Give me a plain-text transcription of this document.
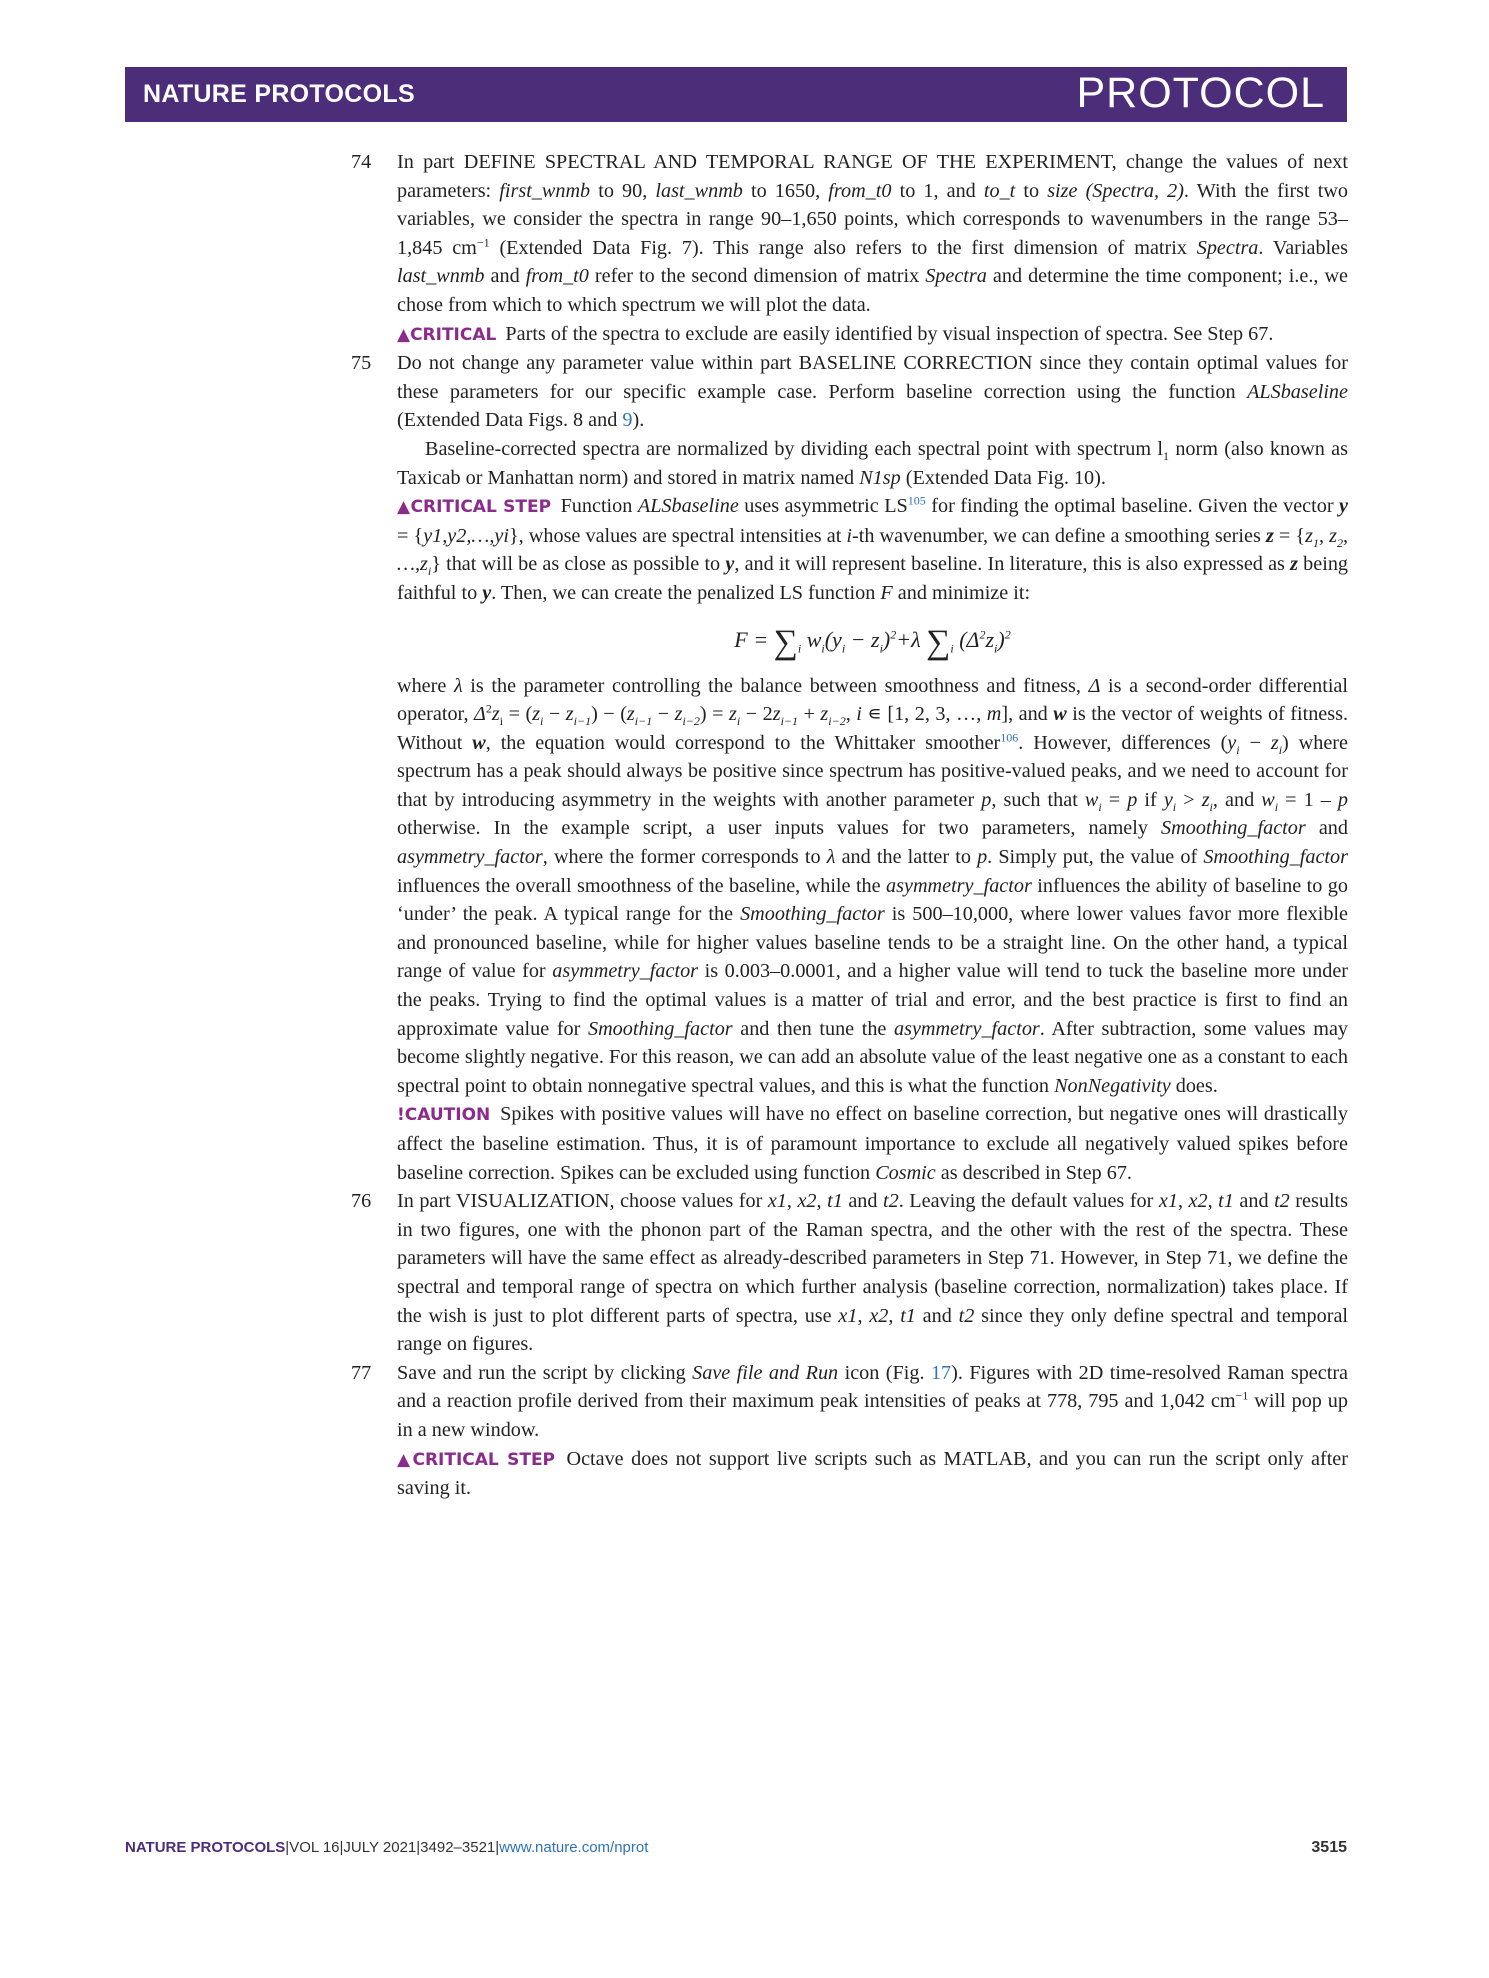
NATURE PROTOCOLS	PROTOCOL
74 In part DEFINE SPECTRAL AND TEMPORAL RANGE OF THE EXPERIMENT, change the values of next parameters: first_wnmb to 90, last_wnmb to 1650, from_t0 to 1, and to_t to size (Spectra, 2). With the first two variables, we consider the spectra in range 90–1,650 points, which corresponds to wavenumbers in the range 53–1,845 $cm^{-1}$ (Extended Data Fig. 7). This range also refers to the first dimension of matrix Spectra. Variables last_wnmb and from_t0 refer to the second dimension of matrix Spectra and determine the time component; i.e., we chose from which to which spectrum we will plot the data.

▲CRITICAL Parts of the spectra to exclude are easily identified by visual inspection of spectra. See Step 67.

75 Do not change any parameter value within part BASELINE CORRECTION since they contain optimal values for these parameters for our specific example case. Perform baseline correction using the function ALSbaseline (Extended Data Figs. 8 and 9).

Baseline-corrected spectra are normalized by dividing each spectral point with spectrum $l_1$ norm (also known as Taxicab or Manhattan norm) and stored in matrix named N1sp (Extended Data Fig. 10).

▲CRITICAL STEP Function ALSbaseline uses asymmetric LS$^{105}$ for finding the optimal baseline. Given the vector y = {y1,y2,…,yi}, whose values are spectral intensities at i-th wavenumber, we can define a smoothing series $z = \{z_1$, $z_2$, $\dots,z_i$} that will be as close as possible to y, and it will represent baseline. In literature, this is also expressed as z being faithful to y. Then, we can create the penalized LS function F and minimize it:

$F = \sum_i$ $w_i(y_i - z_i)^2+\lambda$ $\sum_i$ $(\Delta^2z_i)^2$

where λ is the parameter controlling the balance between smoothness and fitness, Δ is a second-order differential operator, $\Delta^2z_i = (z_i - z_{i-1}) - (z_{i-1} - z_{i-2}) = z_i - 2z_{i-1} + z_{i-2}$, i ∊ [1, 2, 3, …, m], and w is the vector of weights of fitness. Without w, the equation would correspond to the Whittaker smoother$^{106}$. However, differences $(y_i - z_i)$ where spectrum has a peak should always be positive since spectrum has positive-valued peaks, and we need to account for that by introducing asymmetry in the weights with another parameter p, such that $w_i = p$ if $y_i > z_i$, and $w_i = 1 - p$ otherwise. In the example script, a user inputs values for two parameters, namely Smoothing_factor and asymmetry_factor, where the former corresponds to λ and the latter to p. Simply put, the value of Smoothing_factor influences the overall smoothness of the baseline, while the asymmetry_factor influences the ability of baseline to go ‘under’ the peak. A typical range for the Smoothing_factor is 500–10,000, where lower values favor more flexible and pronounced baseline, while for higher values baseline tends to be a straight line. On the other hand, a typical range of value for asymmetry_factor is 0.003–0.0001, and a higher value will tend to tuck the baseline more under the peaks. Trying to find the optimal values is a matter of trial and error, and the best practice is first to find an approximate value for Smoothing_factor and then tune the asymmetry_factor. After subtraction, some values may become slightly negative. For this reason, we can add an absolute value of the least negative one as a constant to each spectral point to obtain nonnegative spectral values, and this is what the function NonNegativity does.

!CAUTION Spikes with positive values will have no effect on baseline correction, but negative ones will drastically affect the baseline estimation. Thus, it is of paramount importance to exclude all negatively valued spikes before baseline correction. Spikes can be excluded using function Cosmic as described in Step 67.

76 In part VISUALIZATION, choose values for x1, x2, t1 and t2. Leaving the default values for x1, x2, t1 and t2 results in two figures, one with the phonon part of the Raman spectra, and the other with the rest of the spectra. These parameters will have the same effect as already-described parameters in Step 71. However, in Step 71, we define the spectral and temporal range of spectra on which further analysis (baseline correction, normalization) takes place. If the wish is just to plot different parts of spectra, use x1, x2, t1 and t2 since they only define spectral and temporal range on figures.

77 Save and run the script by clicking Save file and Run icon (Fig. 17). Figures with 2D time-resolved Raman spectra and a reaction profile derived from their maximum peak intensities of peaks at 778, 795 and 1,042 $cm^{-1}$ will pop up in a new window.

▲CRITICAL STEP Octave does not support live scripts such as MATLAB, and you can run the script only after saving it.

NATURE PROTOCOLS|VOL 16|JULY 2021|3492–3521|www.nature.com/nprot	3515
